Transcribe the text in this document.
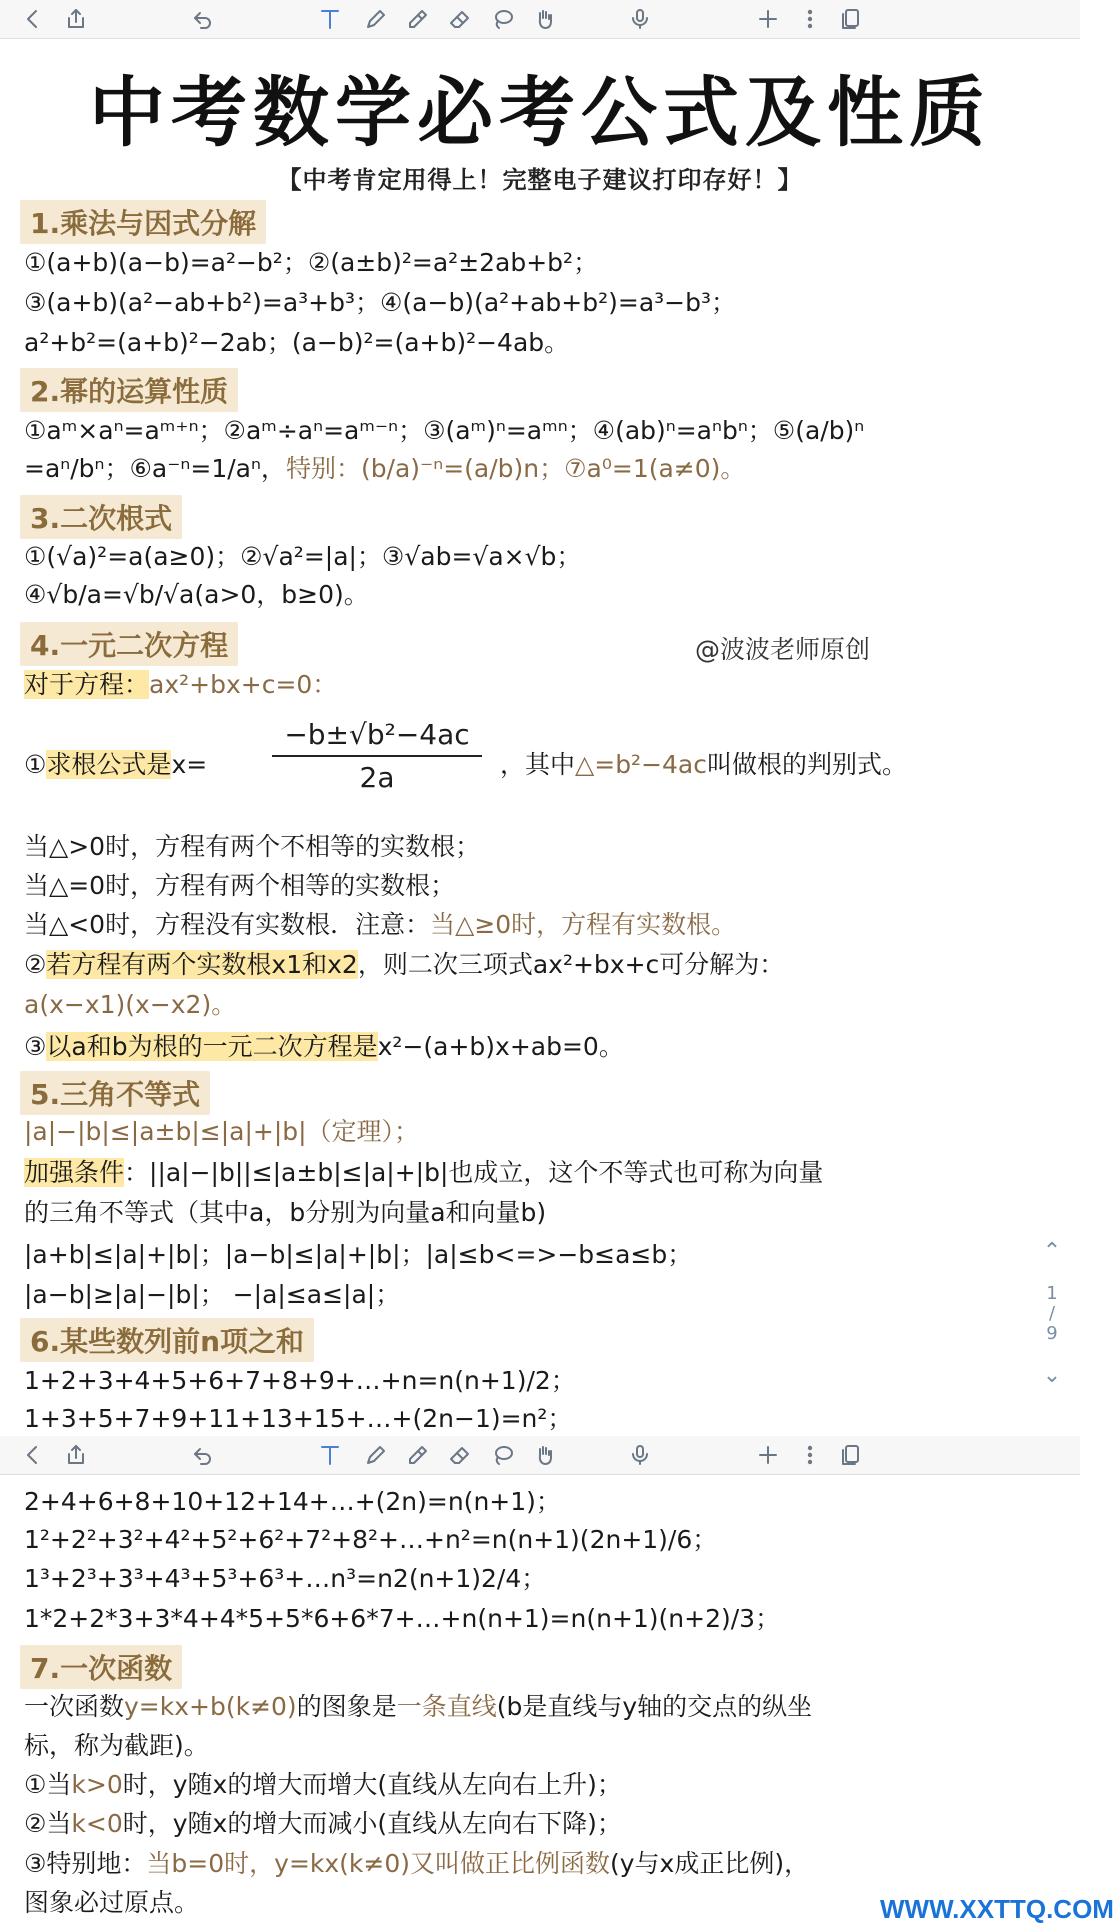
中考数学必考公式及性质
【中考肯定用得上！完整电子建议打印存好！】
1.乘法与因式分解
①(a+b)(a−b)=a²−b²；②(a±b)²=a²±2ab+b²；
③(a+b)(a²−ab+b²)=a³+b³；④(a−b)(a²+ab+b²)=a³−b³；
a²+b²=(a+b)²−2ab；(a−b)²=(a+b)²−4ab。
2.幂的运算性质
①aᵐ×aⁿ=aᵐ⁺ⁿ；②aᵐ÷aⁿ=aᵐ⁻ⁿ；③(aᵐ)ⁿ=aᵐⁿ；④(ab)ⁿ=aⁿbⁿ；⑤(a/b)ⁿ
=aⁿ/bⁿ；⑥a⁻ⁿ=1/aⁿ，特别：(b/a)⁻ⁿ=(a/b)n；⑦a⁰=1(a≠0)。
3.二次根式
①(√a)²=a(a≥0)；②√a²=|a|；③√ab=√a×√b；
④√b/a=√b/√a(a>0，b≥0)。
4.一元二次方程	@波波老师原创
对于方程：ax²+bx+c=0：
①求根公式是x=	$\frac{\text{−b±√b²−4ac}}{2a}$ ，其中△=b²−4ac叫做根的判别式。
当△>0时，方程有两个不相等的实数根；
当△=0时，方程有两个相等的实数根；
当△<0时，方程没有实数根．注意：当△≥0时，方程有实数根。
②若方程有两个实数根x1和x2，则二次三项式ax²+bx+c可分解为：
a(x−x1)(x−x2)。
③以a和b为根的一元二次方程是x²−(a+b)x+ab=0。
5.三角不等式
|a|−|b|≤|a±b|≤|a|+|b|（定理）；
加强条件：||a|−|b||≤|a±b|≤|a|+|b|也成立，这个不等式也可称为向量
的三角不等式（其中a，b分别为向量a和向量b)
|a+b|≤|a|+|b|；|a−b|≤|a|+|b|；|a|≤b<=>−b≤a≤b；
|a−b|≥|a|−|b|； −|a|≤a≤|a|；
6.某些数列前n项之和
1+2+3+4+5+6+7+8+9+…+n=n(n+1)/2；
1+3+5+7+9+11+13+15+…+(2n−1)=n²；
⌃
1
/
9
⌄
2+4+6+8+10+12+14+…+(2n)=n(n+1)；
1²+2²+3²+4²+5²+6²+7²+8²+…+n²=n(n+1)(2n+1)/6；
1³+2³+3³+4³+5³+6³+…n³=n2(n+1)2/4；
1*2+2*3+3*4+4*5+5*6+6*7+…+n(n+1)=n(n+1)(n+2)/3；
7.一次函数
一次函数y=kx+b(k≠0)的图象是一条直线(b是直线与y轴的交点的纵坐
标，称为截距)。
①当k>0时，y随x的增大而增大(直线从左向右上升)；
②当k<0时，y随x的增大而减小(直线从左向右下降)；
③特别地：当b=0时，y=kx(k≠0)又叫做正比例函数(y与x成正比例)，
图象必过原点。	WWW.XXTTQ.COM
